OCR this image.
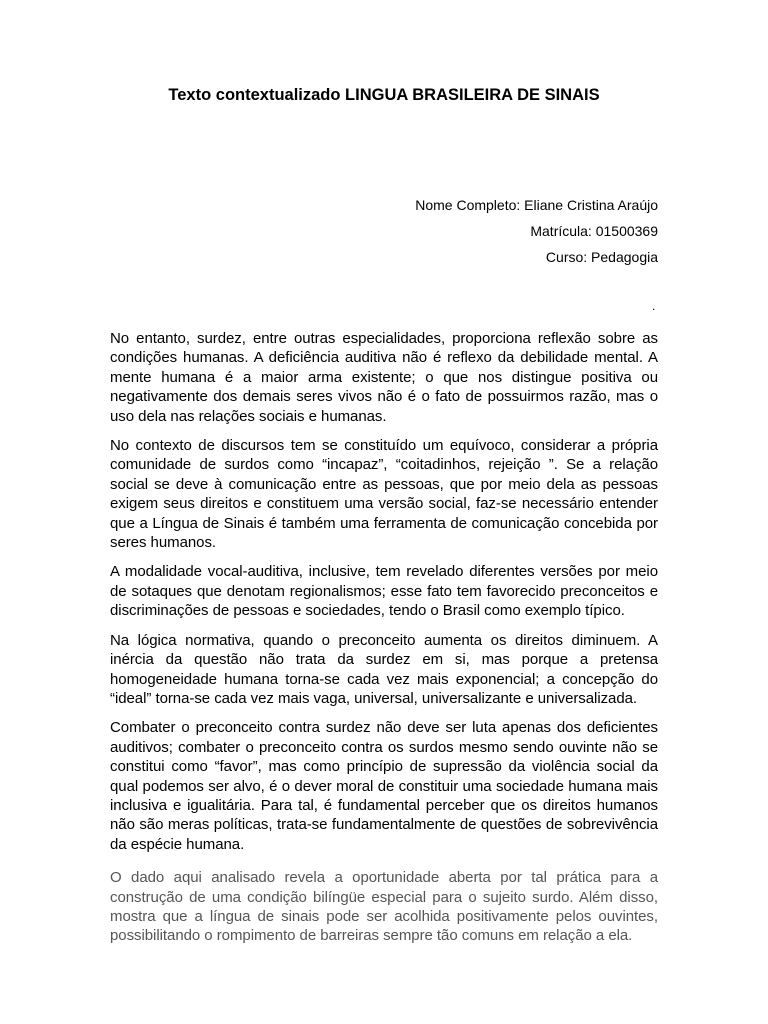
Texto contextualizado LINGUA BRASILEIRA DE SINAIS
Nome Completo: Eliane Cristina Araújo
Matrícula: 01500369
Curso: Pedagogia
.

No entanto, surdez, entre outras especialidades, proporciona reflexão sobre as condições humanas. A deficiência auditiva não é reflexo da debilidade mental. A mente humana é a maior arma existente; o que nos distingue positiva ou negativamente dos demais seres vivos não é o fato de possuirmos razão, mas o uso dela nas relações sociais e humanas.

No contexto de discursos tem se constituído um equívoco, considerar a própria comunidade de surdos como “incapaz”, “coitadinhos, rejeição ”. Se a relação social se deve à comunicação entre as pessoas, que por meio dela as pessoas exigem seus direitos e constituem uma versão social, faz-se necessário entender que a Língua de Sinais é também uma ferramenta de comunicação concebida por seres humanos.

A modalidade vocal-auditiva, inclusive, tem revelado diferentes versões por meio de sotaques que denotam regionalismos; esse fato tem favorecido preconceitos e discriminações de pessoas e sociedades, tendo o Brasil como exemplo típico.

Na lógica normativa, quando o preconceito aumenta os direitos diminuem. A inércia da questão não trata da surdez em si, mas porque a pretensa homogeneidade humana torna-se cada vez mais exponencial; a concepção do “ideal” torna-se cada vez mais vaga, universal, universalizante e universalizada.

Combater o preconceito contra surdez não deve ser luta apenas dos deficientes auditivos; combater o preconceito contra os surdos mesmo sendo ouvinte não se constitui como “favor”, mas como princípio de supressão da violência social da qual podemos ser alvo, é o dever moral de constituir uma sociedade humana mais inclusiva e igualitária. Para tal, é fundamental perceber que os direitos humanos não são meras políticas, trata-se fundamentalmente de questões de sobrevivência da espécie humana.

O dado aqui analisado revela a oportunidade aberta por tal prática para a construção de uma condição bilíngüe especial para o sujeito surdo. Além disso, mostra que a língua de sinais pode ser acolhida positivamente pelos ouvintes, possibilitando o rompimento de barreiras sempre tão comuns em relação a ela.
